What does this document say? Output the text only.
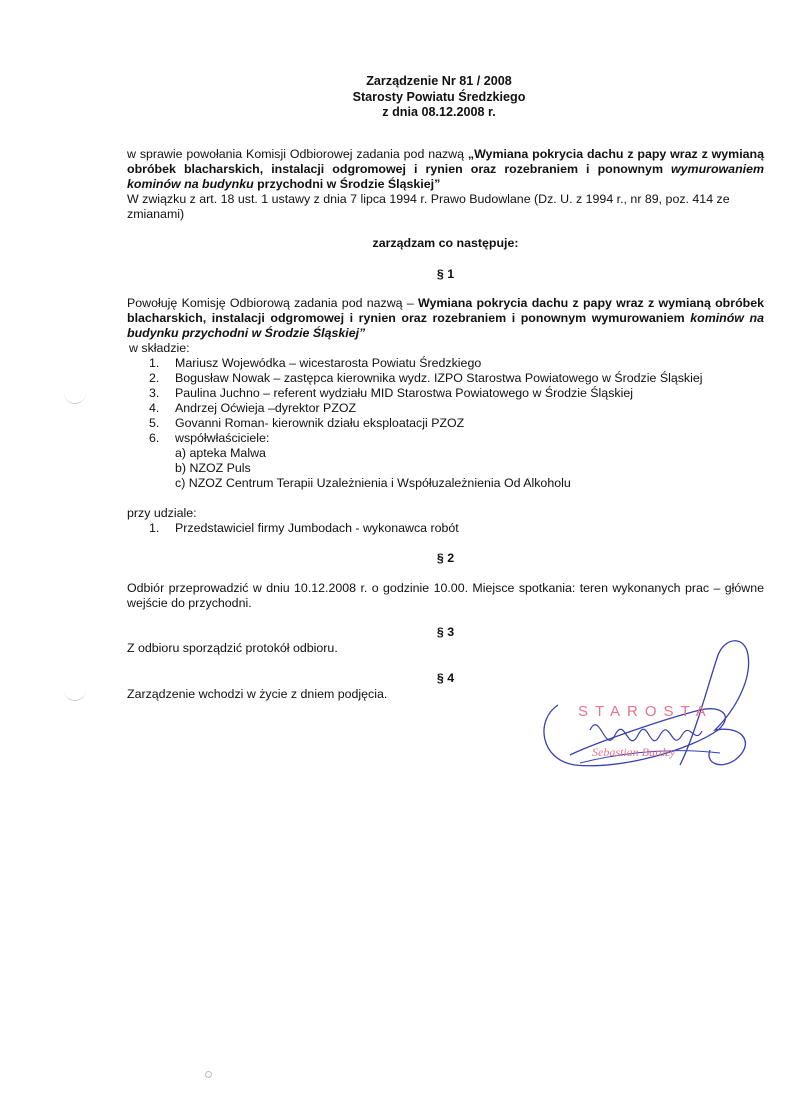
Zarządzenie Nr 81 / 2008
Starosty Powiatu Średzkiego
z dnia 08.12.2008 r.
w sprawie powołania Komisji Odbiorowej zadania pod nazwą „Wymiana pokrycia dachu z papy wraz z wymianą obróbek blacharskich, instalacji odgromowej i rynien oraz rozebraniem i ponownym wymurowaniem kominów na budynku przychodni w Środzie Śląskiej”
W związku z art. 18 ust. 1 ustawy z dnia 7 lipca 1994 r. Prawo Budowlane (Dz. U. z 1994 r., nr 89, poz. 414 ze zmianami)
zarządzam co następuje:
§ 1
Powołuję Komisję Odbiorową zadania pod nazwą – Wymiana pokrycia dachu z papy wraz z wymianą obróbek blacharskich, instalacji odgromowej i rynien oraz rozebraniem i ponownym wymurowaniem kominów na budynku przychodni w Środzie Śląskiej”
w składzie:
1.	Mariusz Wojewódka – wicestarosta Powiatu Średzkiego
2.	Bogusław Nowak – zastępca kierownika wydz. IZPO Starostwa Powiatowego w Środzie Śląskiej
3.	Paulina Juchno – referent wydziału MID Starostwa Powiatowego w Środzie Śląskiej
4.	Andrzej Oćwieja –dyrektor PZOZ
5.	Govanni Roman- kierownik działu eksploatacji PZOZ
6.	współwłaściciele:
a) apteka Malwa
b) NZOZ Puls
c) NZOZ Centrum Terapii Uzależnienia i Współuzależnienia Od Alkoholu
przy udziale:
1.	Przedstawiciel firmy Jumbodach - wykonawca robót
§ 2
Odbiór przeprowadzić w dniu 10.12.2008 r. o godzinie 10.00. Miejsce spotkania: teren wykonanych prac – główne wejście do przychodni.
§ 3
Z odbioru sporządzić protokół odbioru.
§ 4
Zarządzenie wchodzi w życie z dniem podjęcia.
STAROSTA
Sebastian Burdzy
